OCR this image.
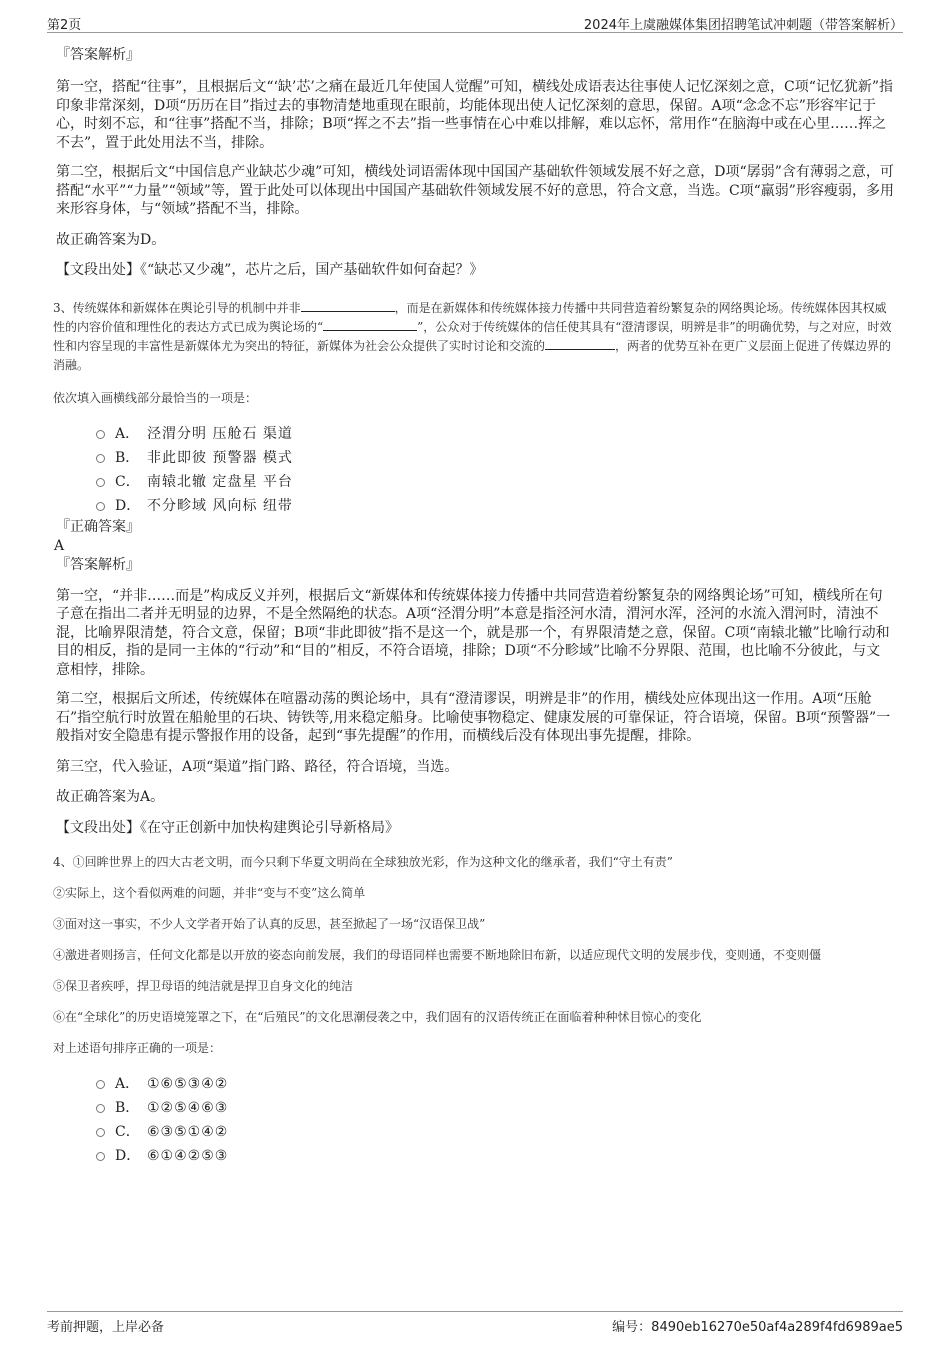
第2页	2024年上虞融媒体集团招聘笔试冲刺题（带答案解析）

『答案解析』

第一空，搭配“往事”，且根据后文“‘缺’芯’之痛在最近几年使国人觉醒”可知，横线处成语表达往事使人记忆深刻之意，C项“记忆犹新”指印象非常深刻，D项“历历在目”指过去的事物清楚地重现在眼前，均能体现出使人记忆深刻的意思，保留。A项“念念不忘”形容牢记于心，时刻不忘，和“往事”搭配不当，排除；B项“挥之不去”指一些事情在心中难以排解，难以忘怀，常用作“在脑海中或在心里……挥之不去”，置于此处用法不当，排除。

第二空，根据后文“中国信息产业缺芯少魂”可知，横线处词语需体现中国国产基础软件领域发展不好之意，D项“孱弱”含有薄弱之意，可搭配“水平”“力量”“领域”等，置于此处可以体现出中国国产基础软件领域发展不好的意思，符合文意，当选。C项“羸弱”形容瘦弱，多用来形容身体，与“领域”搭配不当，排除。

故正确答案为D。

【文段出处】《“缺芯又少魂”，芯片之后，国产基础软件如何奋起？》

3、传统媒体和新媒体在舆论引导的机制中并非	，而是在新媒体和传统媒体接力传播中共同营造着纷繁复杂的网络舆论场。传统媒体因其权威性的内容价值和理性化的表达方式已成为舆论场的“	”，公众对于传统媒体的信任使其具有“澄清谬误，明辨是非”的明确优势，与之对应，时效性和内容呈现的丰富性是新媒体尤为突出的特征，新媒体为社会公众提供了实时讨论和交流的	，两者的优势互补在更广义层面上促进了传媒边界的消融。

依次填入画横线部分最恰当的一项是：

A． 泾渭分明 压舱石 渠道
B． 非此即彼 预警器 模式
C． 南辕北辙 定盘星 平台
D． 不分畛域 风向标 纽带

『正确答案』

A

『答案解析』

第一空，“并非……而是”构成反义并列，根据后文“新媒体和传统媒体接力传播中共同营造着纷繁复杂的网络舆论场”可知，横线所在句子意在指出二者并无明显的边界，不是全然隔绝的状态。A项“泾渭分明”本意是指泾河水清，渭河水浑，泾河的水流入渭河时，清浊不混，比喻界限清楚，符合文意，保留；B项“非此即彼”指不是这一个，就是那一个，有界限清楚之意，保留。C项“南辕北辙”比喻行动和目的相反，指的是同一主体的“行动”和“目的”相反，不符合语境，排除；D项“不分畛域”比喻不分界限、范围，也比喻不分彼此，与文意相悖，排除。

第二空，根据后文所述，传统媒体在喧嚣动荡的舆论场中，具有“澄清谬误，明辨是非”的作用，横线处应体现出这一作用。A项“压舱石”指空航行时放置在船舱里的石块、铸铁等,用来稳定船身。比喻使事物稳定、健康发展的可靠保证，符合语境，保留。B项“预警器”一般指对安全隐患有提示警报作用的设备，起到“事先提醒”的作用，而横线后没有体现出事先提醒，排除。

第三空，代入验证，A项“渠道”指门路、路径，符合语境，当选。

故正确答案为A。

【文段出处】《在守正创新中加快构建舆论引导新格局》

4、①回眸世界上的四大古老文明，而今只剩下华夏文明尚在全球独放光彩，作为这种文化的继承者，我们“守土有责”

②实际上，这个看似两难的问题，并非“变与不变”这么简单

③面对这一事实，不少人文学者开始了认真的反思，甚至掀起了一场“汉语保卫战”

④激进者则扬言，任何文化都是以开放的姿态向前发展，我们的母语同样也需要不断地除旧布新，以适应现代文明的发展步伐，变则通，不变则僵

⑤保卫者疾呼，捍卫母语的纯洁就是捍卫自身文化的纯洁

⑥在“全球化”的历史语境笼罩之下，在“后殖民”的文化思潮侵袭之中，我们固有的汉语传统正在面临着种种怵目惊心的变化

对上述语句排序正确的一项是：

A． ①⑥⑤③④②
B． ①②⑤④⑥③
C． ⑥③⑤①④②
D． ⑥①④②⑤③
考前押题，上岸必备	编号：8490eb16270e50af4a289f4fd6989ae5
